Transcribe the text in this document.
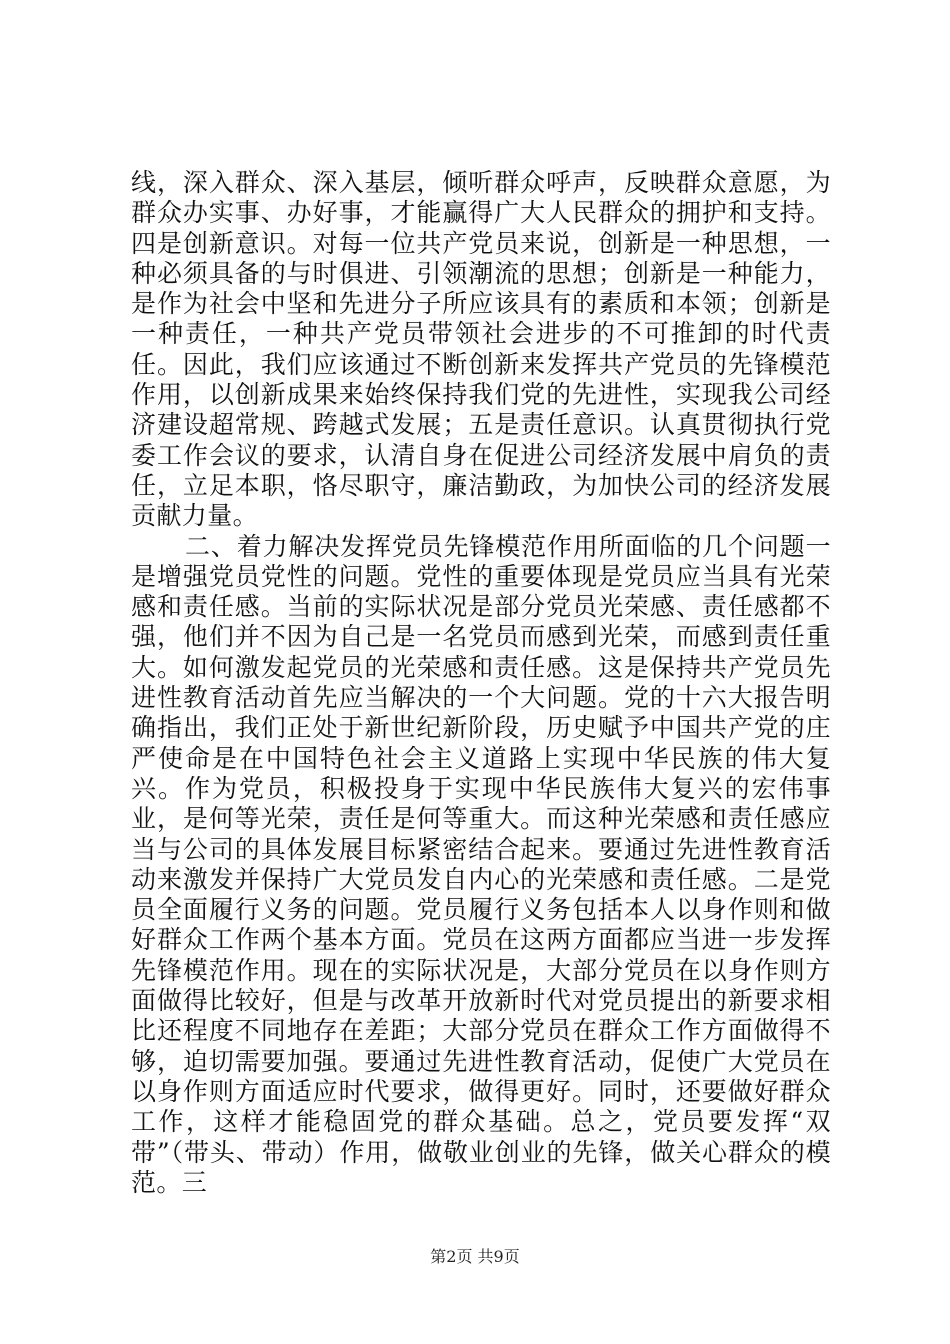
线，深入群众、深入基层，倾听群众呼声，反映群众意愿，为群众办实事、办好事，才能赢得广大人民群众的拥护和支持。四是创新意识。对每一位共产党员来说，创新是一种思想，一种必须具备的与时俱进、引领潮流的思想；创新是一种能力，是作为社会中坚和先进分子所应该具有的素质和本领；创新是一种责任，一种共产党员带领社会进步的不可推卸的时代责任。因此，我们应该通过不断创新来发挥共产党员的先锋模范作用，以创新成果来始终保持我们党的先进性，实现我公司经济建设超常规、跨越式发展；五是责任意识。认真贯彻执行党委工作会议的要求，认清自身在促进公司经济发展中肩负的责任，立足本职，恪尽职守，廉洁勤政，为加快公司的经济发展贡献力量。

二、着力解决发挥党员先锋模范作用所面临的几个问题一是增强党员党性的问题。党性的重要体现是党员应当具有光荣感和责任感。当前的实际状况是部分党员光荣感、责任感都不强，他们并不因为自己是一名党员而感到光荣，而感到责任重大。如何激发起党员的光荣感和责任感。这是保持共产党员先进性教育活动首先应当解决的一个大问题。党的十六大报告明确指出，我们正处于新世纪新阶段，历史赋予中国共产党的庄严使命是在中国特色社会主义道路上实现中华民族的伟大复兴。作为党员，积极投身于实现中华民族伟大复兴的宏伟事业，是何等光荣，责任是何等重大。而这种光荣感和责任感应当与公司的具体发展目标紧密结合起来。要通过先进性教育活动来激发并保持广大党员发自内心的光荣感和责任感。二是党员全面履行义务的问题。党员履行义务包括本人以身作则和做好群众工作两个基本方面。党员在这两方面都应当进一步发挥先锋模范作用。现在的实际状况是，大部分党员在以身作则方面做得比较好，但是与改革开放新时代对党员提出的新要求相比还程度不同地存在差距；大部分党员在群众工作方面做得不够，迫切需要加强。要通过先进性教育活动，促使广大党员在以身作则方面适应时代要求，做得更好。同时，还要做好群众工作，这样才能稳固党的群众基础。总之，党员要发挥“双带”（带头、带动）作用，做敬业创业的先锋，做关心群众的模范。三

第2页 共9页
